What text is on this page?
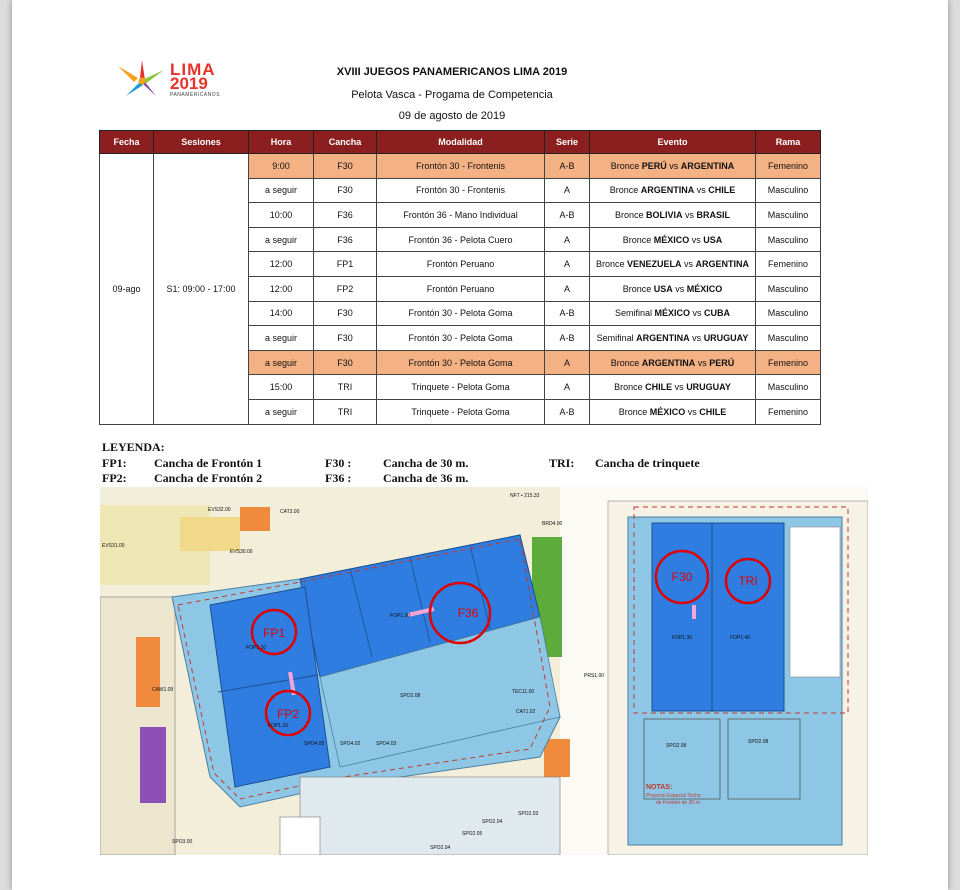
LIMA
2019
PANAMERICANOS
XVIII JUEGOS PANAMERICANOS LIMA 2019
Pelota Vasca - Progama de Competencia
09 de agosto de 2019
Fecha	Sesiones	Hora	Cancha	Modalidad	Serie	Evento	Rama
09-ago	S1: 09:00 - 17:00	9:00	F30	Frontón 30 - Frontenis	A-B	Bronce PERÚ vs ARGENTINA	Femenino
		a seguir	F30	Frontón 30 - Frontenis	A	Bronce ARGENTINA vs CHILE	Masculino
		10:00	F36	Frontón 36 - Mano Individual	A-B	Bronce BOLIVIA vs BRASIL	Masculino
		a seguir	F36	Frontón 36 - Pelota Cuero	A	Bronce MÉXICO vs USA	Masculino
		12:00	FP1	Frontón Peruano	A	Bronce VENEZUELA vs ARGENTINA	Femenino
		12:00	FP2	Frontón Peruano	A	Bronce USA vs MÉXICO	Masculino
		14:00	F30	Frontón 30 - Pelota Goma	A-B	Semifinal MÉXICO vs CUBA	Masculino
		a seguir	F30	Frontón 30 - Pelota Goma	A-B	Semifinal ARGENTINA vs URUGUAY	Masculino
		a seguir	F30	Frontón 30 - Pelota Goma	A	Bronce ARGENTINA vs PERÚ	Femenino
		15:00	TRI	Trinquete - Pelota Goma	A	Bronce CHILE vs URUGUAY	Masculino
		a seguir	TRI	Trinquete - Pelota Goma	A-B	Bronce MÉXICO vs CHILE	Femenino
LEYENDA:
FP1: Cancha de Frontón 1
FP2: Cancha de Frontón 2
F30 :	Cancha de 30 m.
F36 :	Cancha de 36 m.
TRI: Cancha de trinquete
FP1
FP2
F36
F30	TRI
FOP1.10
FOP1.10
FOP1.20
FOP1.30	FOP1.40
SPO2.08
SPO2.08
SPO2.08
SPO4.05	SPO4.02	SPO4.03
SPO2.03
SPO2.04
SPO2.05
SPO3.00
SPO2.04
CAT3.00
CAT1.02
CAW1.09	TEC11.00
BRD4.00
PRS1.00
EVS32.00
EVS31.00
EVS30.00
NFT • 215.33
NOTAS:
Proyecto Especial Techo
de Frontón de 30 m.
